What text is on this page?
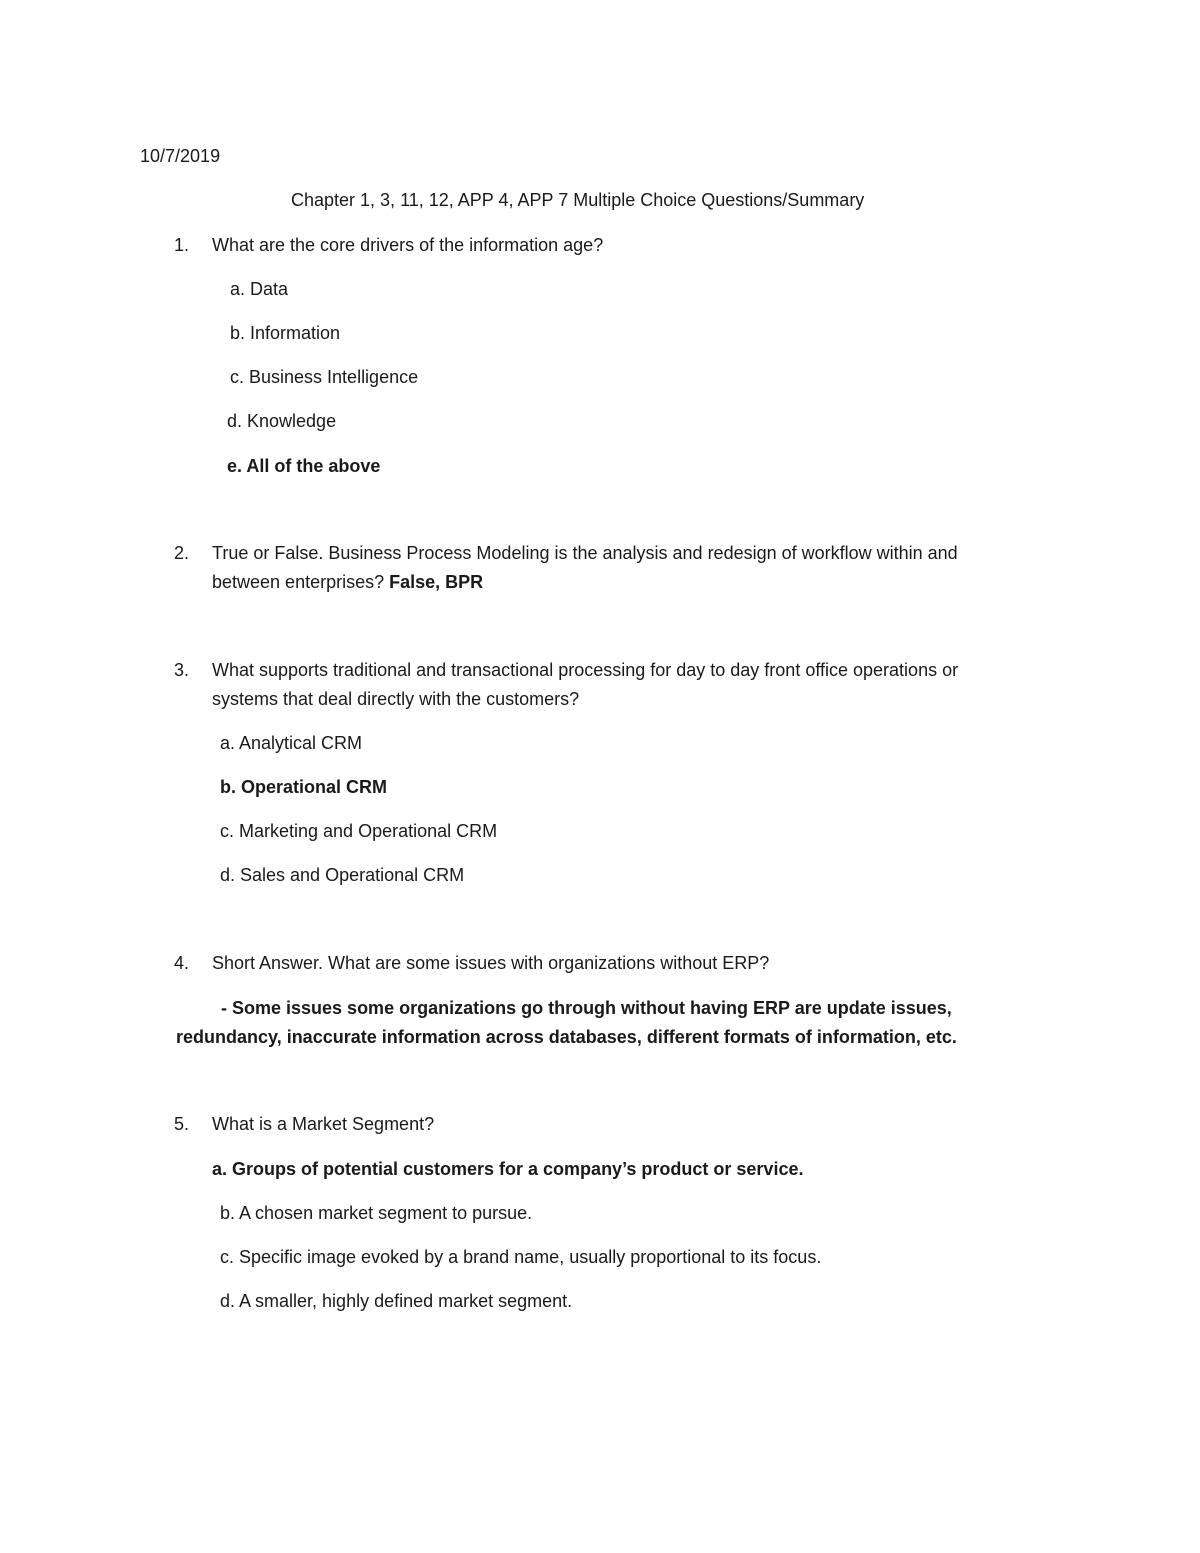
10/7/2019
Chapter 1, 3, 11, 12, APP 4, APP 7 Multiple Choice Questions/Summary
1. What are the core drivers of the information age?
a. Data
b. Information
c. Business Intelligence
d. Knowledge
e. All of the above
2. True or False. Business Process Modeling is the analysis and redesign of workflow within and
between enterprises? False, BPR
3. What supports traditional and transactional processing for day to day front office operations or
systems that deal directly with the customers?
a. Analytical CRM
b. Operational CRM
c. Marketing and Operational CRM
d. Sales and Operational CRM
4. Short Answer. What are some issues with organizations without ERP?
- Some issues some organizations go through without having ERP are update issues,
redundancy, inaccurate information across databases, different formats of information, etc.
5. What is a Market Segment?
a. Groups of potential customers for a company’s product or service.
b. A chosen market segment to pursue.
c. Specific image evoked by a brand name, usually proportional to its focus.
d. A smaller, highly defined market segment.
